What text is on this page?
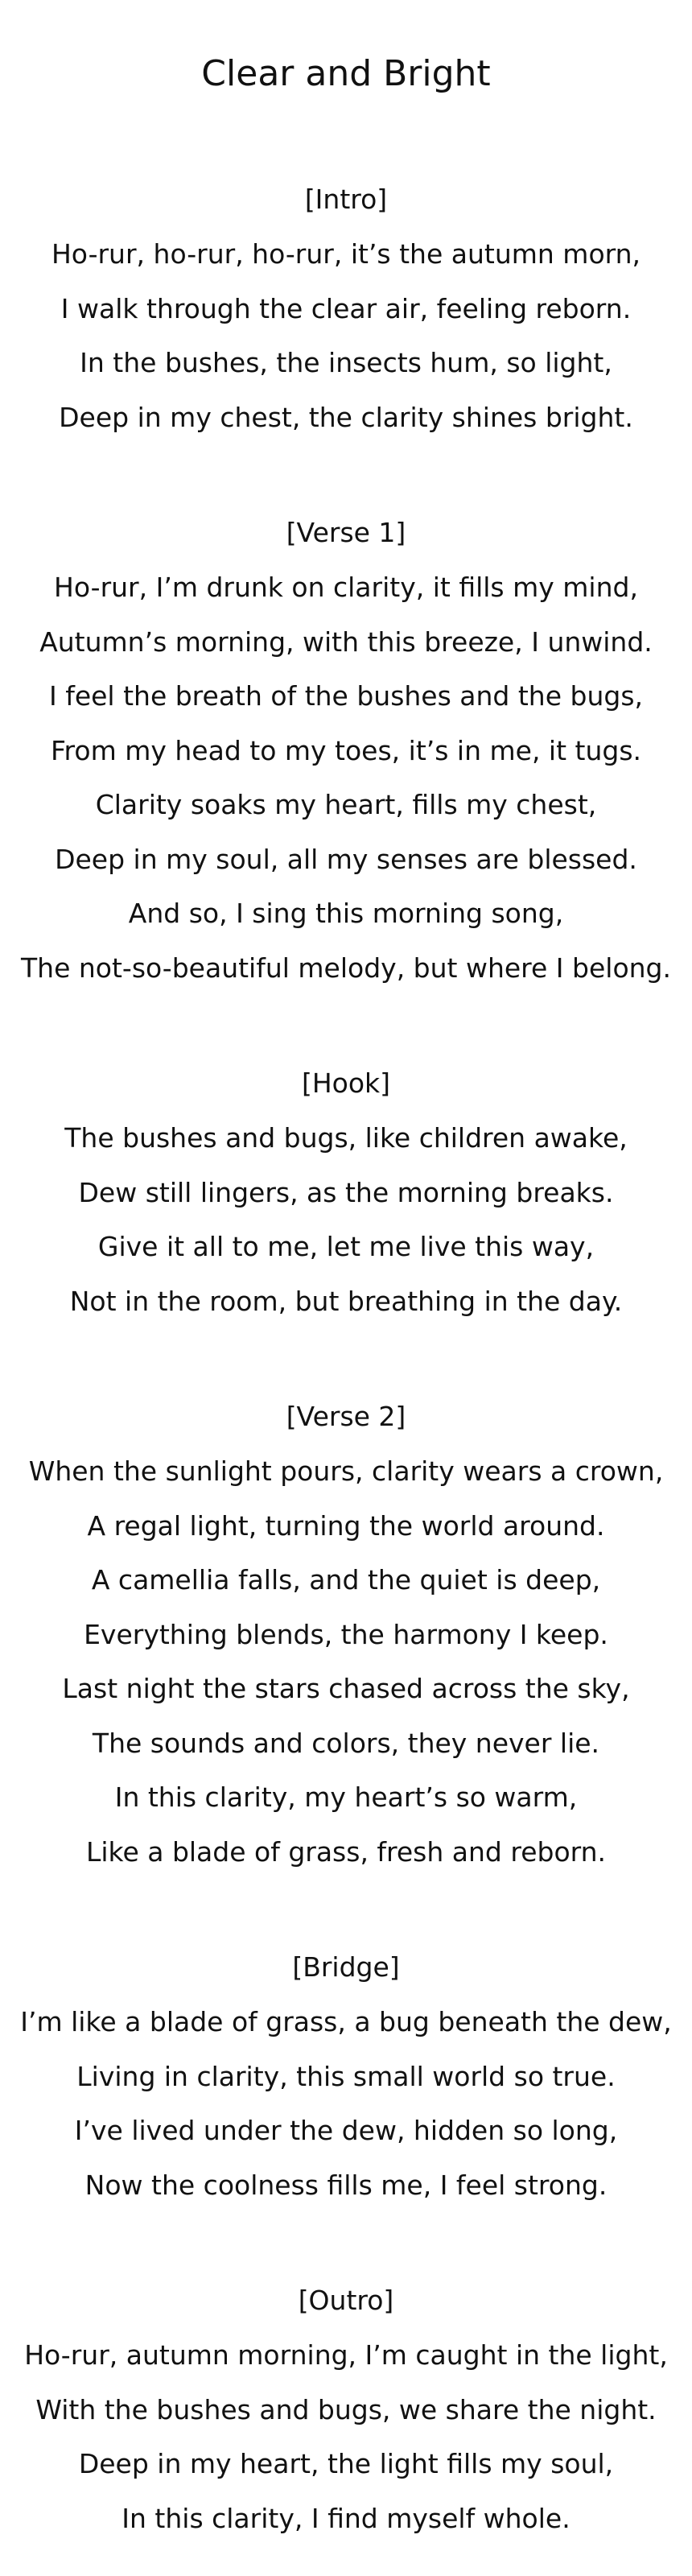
Clear and Bright
[Intro]
Ho-rur, ho-rur, ho-rur, it’s the autumn morn,
I walk through the clear air, feeling reborn.
In the bushes, the insects hum, so light,
Deep in my chest, the clarity shines bright.
[Verse 1]
Ho-rur, I’m drunk on clarity, it fills my mind,
Autumn’s morning, with this breeze, I unwind.
I feel the breath of the bushes and the bugs,
From my head to my toes, it’s in me, it tugs.
Clarity soaks my heart, fills my chest,
Deep in my soul, all my senses are blessed.
And so, I sing this morning song,
The not-so-beautiful melody, but where I belong.
[Hook]
The bushes and bugs, like children awake,
Dew still lingers, as the morning breaks.
Give it all to me, let me live this way,
Not in the room, but breathing in the day.
[Verse 2]
When the sunlight pours, clarity wears a crown,
A regal light, turning the world around.
A camellia falls, and the quiet is deep,
Everything blends, the harmony I keep.
Last night the stars chased across the sky,
The sounds and colors, they never lie.
In this clarity, my heart’s so warm,
Like a blade of grass, fresh and reborn.
[Bridge]
I’m like a blade of grass, a bug beneath the dew,
Living in clarity, this small world so true.
I’ve lived under the dew, hidden so long,
Now the coolness fills me, I feel strong.
[Outro]
Ho-rur, autumn morning, I’m caught in the light,
With the bushes and bugs, we share the night.
Deep in my heart, the light fills my soul,
In this clarity, I find myself whole.
